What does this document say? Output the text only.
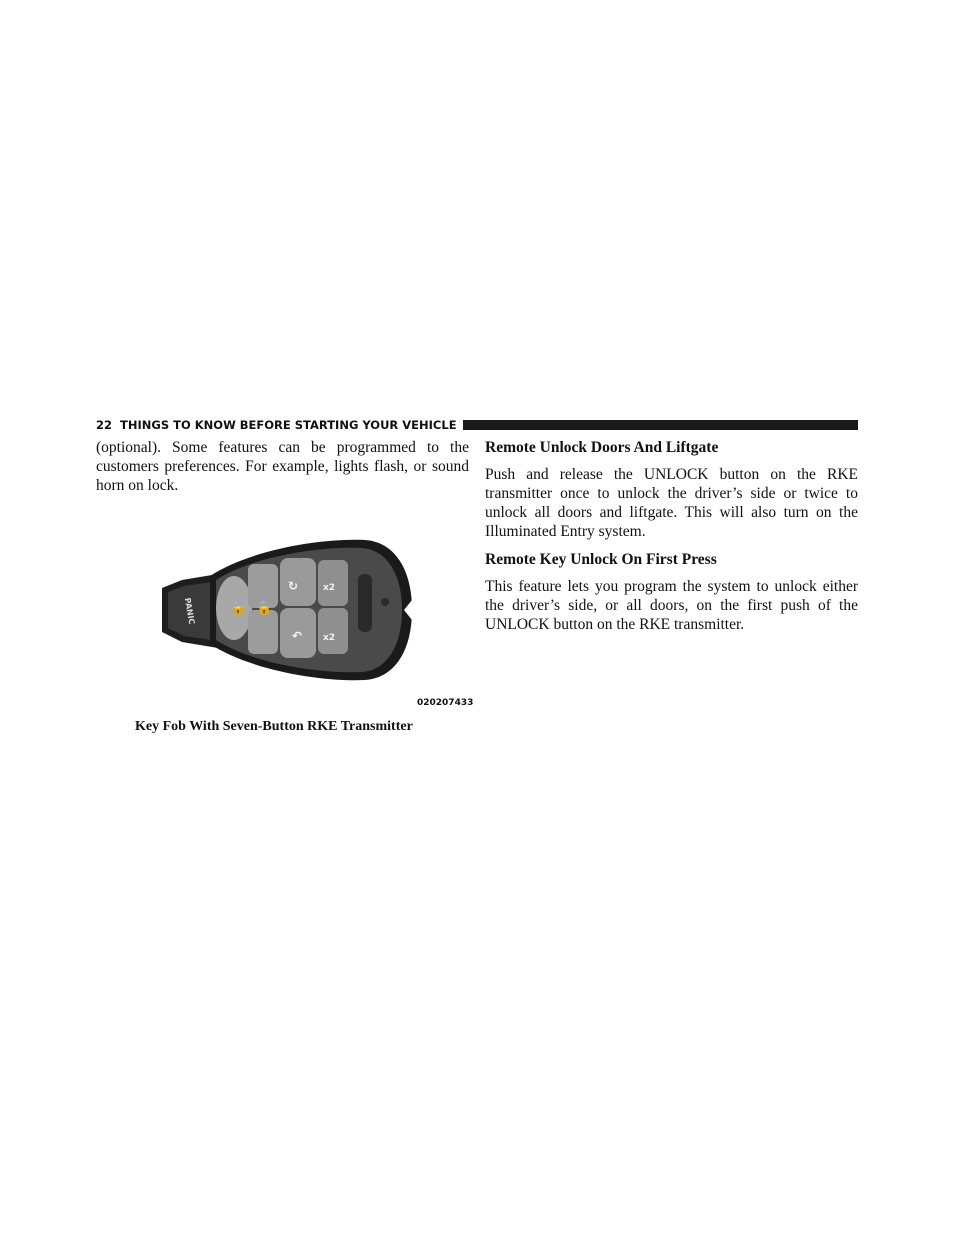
22 THINGS TO KNOW BEFORE STARTING YOUR VEHICLE

(optional). Some features can be programmed to the customers preferences. For example, lights flash, or sound horn on lock.

PANIC	🔓 🔒
↻
↶
x2
x2
020207433
Key Fob With Seven-Button RKE Transmitter
Remote Unlock Doors And Liftgate

Push and release the UNLOCK button on the RKE transmitter once to unlock the driver’s side or twice to unlock all doors and liftgate. This will also turn on the Illuminated Entry system.

Remote Key Unlock On First Press

This feature lets you program the system to unlock either the driver’s side, or all doors, on the first push of the UNLOCK button on the RKE transmitter.
